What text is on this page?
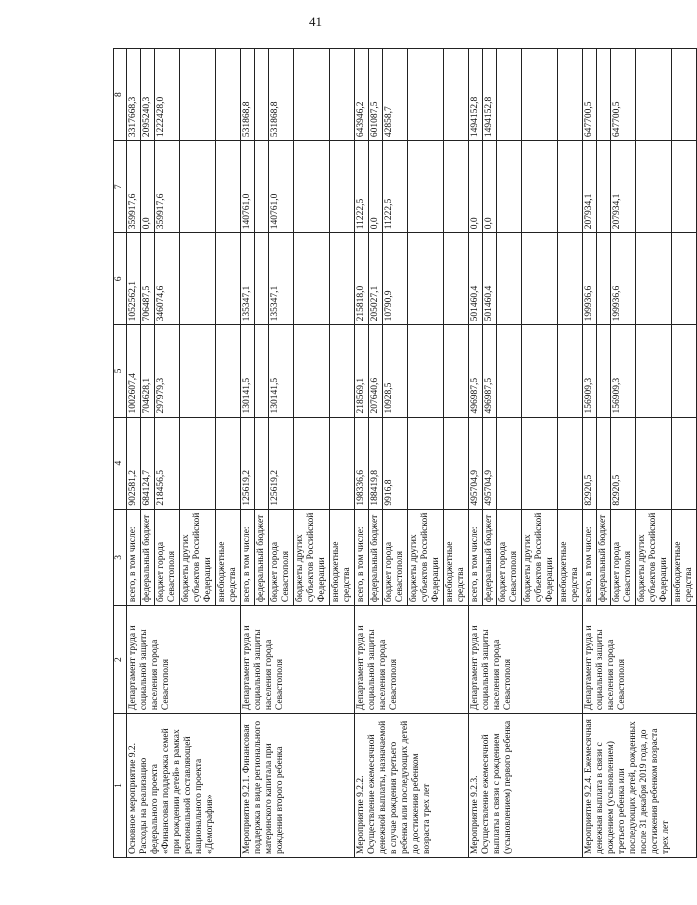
41
1	2	3	4	5	6	7	8
Основное мероприятие 9.2. Расходы на реализацию федерального проекта «Финансовая поддержка семей при рождении детей» в рамках региональной составляющей национального проекта «Демография»	Департамент труда и социальной защиты населения города Севастополя	всего, в том числе:	902581,2	1002607,4	1052562,1	359917,6	3317668,3
		федеральный бюджет	684124,7	704628,1	706487,5	0,0	2095240,3
		бюджет города Севастополя	218456,5	297979,3	346074,6	359917,6	1222428,0
		бюджеты других субъектов Российской Федерации					
		внебюджетные средства					
Мероприятие 9.2.1. Финансовая поддержка в виде регионального материнского капитала при рождении второго ребенка	Департамент труда и социальной защиты населения города Севастополя	всего, в том числе:	125619,2	130141,5	135347,1	140761,0	531868,8
		федеральный бюджет					
		бюджет города Севастополя	125619,2	130141,5	135347,1	140761,0	531868,8
		бюджеты других субъектов Российской Федерации					
		внебюджетные средства					
Мероприятие 9.2.2. Осуществление ежемесячной денежной выплаты, назначаемой в случае рождения третьего ребенка или последующих детей до достижения ребенком возраста трех лет	Департамент труда и социальной защиты населения города Севастополя	всего, в том числе:	198336,6	218569,1	215818,0	11222,5	643946,2
		федеральный бюджет	188419,8	207640,6	205027,1	0,0	601087,5
		бюджет города Севастополя	9916,8	10928,5	10790,9	11222,5	42858,7
		бюджеты других субъектов Российской Федерации					
		внебюджетные средства					
Мероприятие 9.2.3. Осуществление ежемесячной выплаты в связи с рождением (усыновлением) первого ребенка	Департамент труда и социальной защиты населения города Севастополя	всего, в том числе:	495704,9	496987,5	501460,4	0,0	1494152,8
		федеральный бюджет	495704,9	496987,5	501460,4	0,0	1494152,8
		бюджет города Севастополя					
		бюджеты других субъектов Российской Федерации					
		внебюджетные средства					
Мероприятие 9.2.4. Ежемесячная денежная выплата в связи с рождением (усыновлением) третьего ребенка или последующих детей, рожденных после 31 декабря 2019 года, до достижения ребенком возраста трех лет	Департамент труда и социальной защиты населения города Севастополя	всего, в том числе:	82920,5	156909,3	199936,6	207934,1	647700,5
		федеральный бюджет					
		бюджет города Севастополя	82920,5	156909,3	199936,6	207934,1	647700,5
		бюджеты других субъектов Российской Федерации					
		внебюджетные средства					
